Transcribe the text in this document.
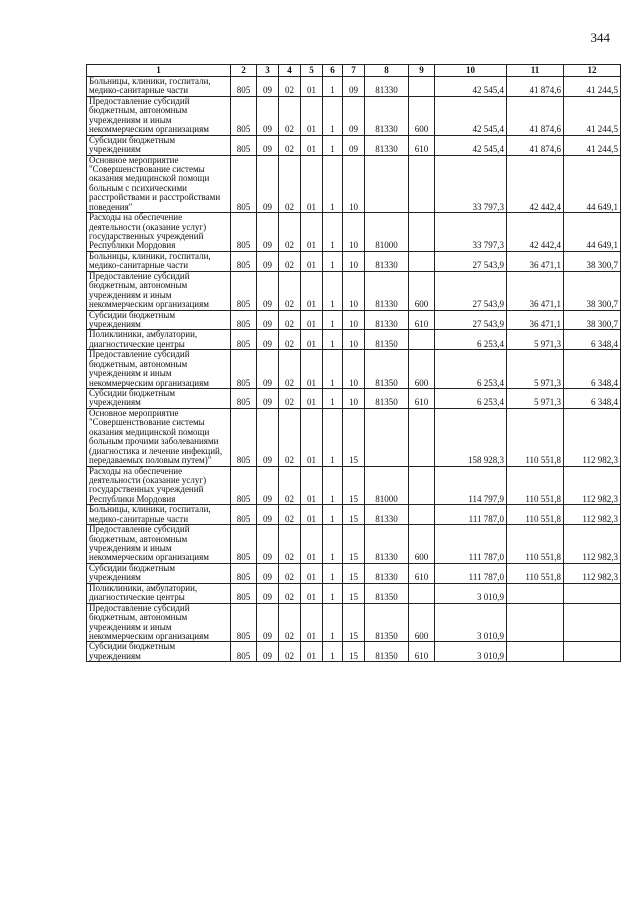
344
1	2	3	4	5	6	7	8	9	10	11	12
Больницы, клиники, госпитали, медико-санитарные части	805	09	02	01	1	09	81330		42 545,4	41 874,6	41 244,5
Предоставление субсидий бюджетным, автономным учреждениям и иным некоммерческим организациям	805	09	02	01	1	09	81330	600	42 545,4	41 874,6	41 244,5
Субсидии бюджетным учреждениям	805	09	02	01	1	09	81330	610	42 545,4	41 874,6	41 244,5
Основное мероприятие "Совершенствование системы оказания медицинской помощи больным с психическими расстройствами и расстройствами поведения"	805	09	02	01	1	10			33 797,3	42 442,4	44 649,1
Расходы на обеспечение деятельности (оказание услуг) государственных учреждений Республики Мордовия	805	09	02	01	1	10	81000		33 797,3	42 442,4	44 649,1
Больницы, клиники, госпитали, медико-санитарные части	805	09	02	01	1	10	81330		27 543,9	36 471,1	38 300,7
Предоставление субсидий бюджетным, автономным учреждениям и иным некоммерческим организациям	805	09	02	01	1	10	81330	600	27 543,9	36 471,1	38 300,7
Субсидии бюджетным учреждениям	805	09	02	01	1	10	81330	610	27 543,9	36 471,1	38 300,7
Поликлиники, амбулатории, диагностические центры	805	09	02	01	1	10	81350		6 253,4	5 971,3	6 348,4
Предоставление субсидий бюджетным, автономным учреждениям и иным некоммерческим организациям	805	09	02	01	1	10	81350	600	6 253,4	5 971,3	6 348,4
Субсидии бюджетным учреждениям	805	09	02	01	1	10	81350	610	6 253,4	5 971,3	6 348,4
Основное мероприятие "Совершенствование системы оказания медицинской помощи больным прочими заболеваниями (диагностика и лечение инфекций, передаваемых половым путем)"	805	09	02	01	1	15			158 928,3	110 551,8	112 982,3
Расходы на обеспечение деятельности (оказание услуг) государственных учреждений Республики Мордовия	805	09	02	01	1	15	81000		114 797,9	110 551,8	112 982,3
Больницы, клиники, госпитали, медико-санитарные части	805	09	02	01	1	15	81330		111 787,0	110 551,8	112 982,3
Предоставление субсидий бюджетным, автономным учреждениям и иным некоммерческим организациям	805	09	02	01	1	15	81330	600	111 787,0	110 551,8	112 982,3
Субсидии бюджетным учреждениям	805	09	02	01	1	15	81330	610	111 787,0	110 551,8	112 982,3
Поликлиники, амбулатории, диагностические центры	805	09	02	01	1	15	81350		3 010,9		
Предоставление субсидий бюджетным, автономным учреждениям и иным некоммерческим организациям	805	09	02	01	1	15	81350	600	3 010,9		
Субсидии бюджетным учреждениям	805	09	02	01	1	15	81350	610	3 010,9		
